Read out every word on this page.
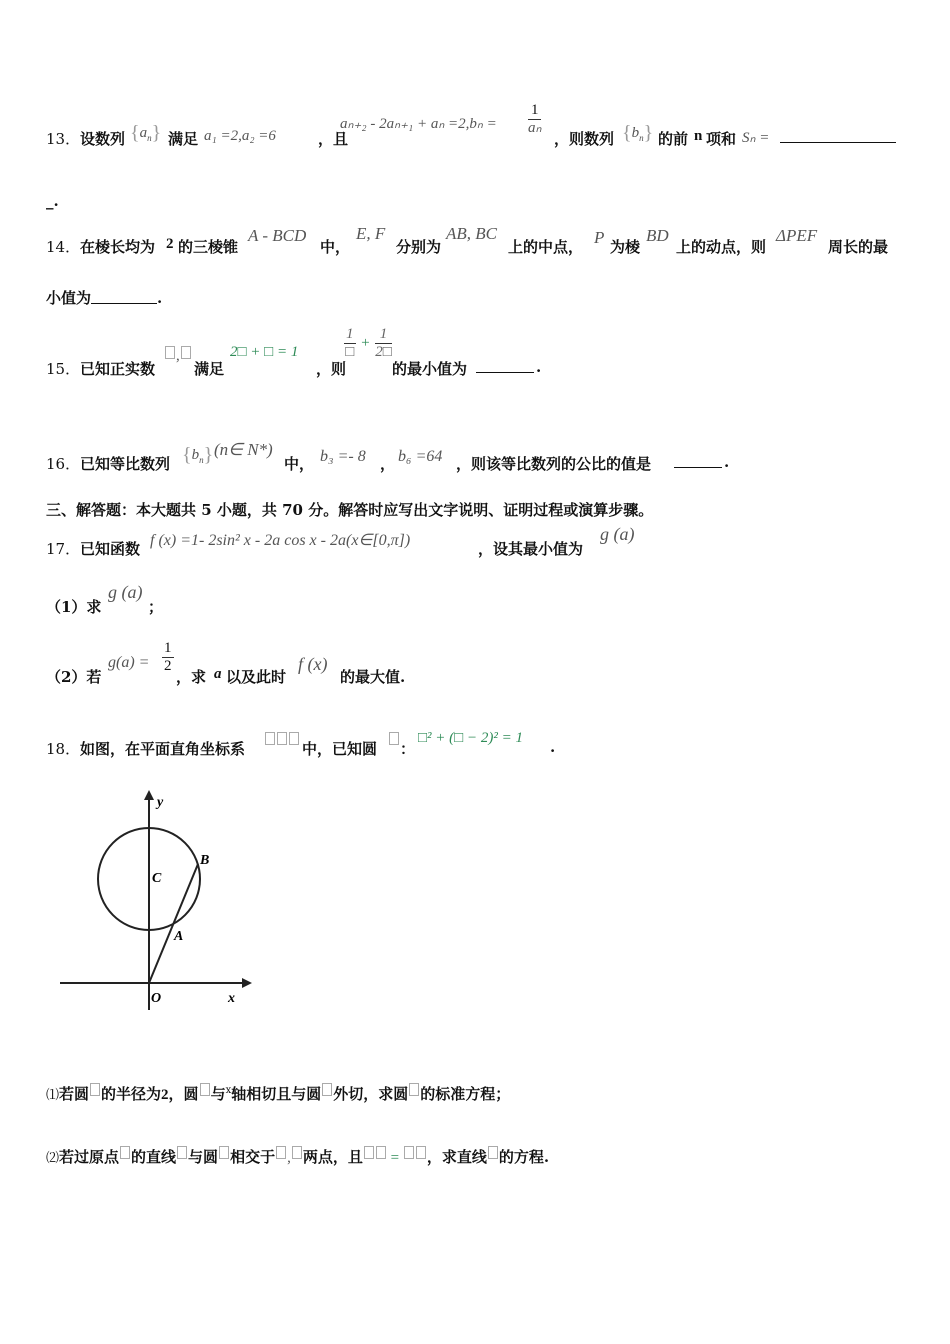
13． 设数列 $\{a_n\}$ 满足 a₁ =2,a₂ =6	，且
$a_{n+2} - 2a_{n+1} + a_n =2,b_n = \frac{1}{\text{aₙ}}$
，则数列 $\{b_n\}$ 的前 n 项和 Sₙ =
_.
14． 在棱长均为 2 的三棱锥
A - BCD
中，
E, F
分别为
AB, BC
上的中点， P 为棱
BD
上的动点，则
ΔPEF
周长的最
小值为	.
15． 已知正实数
,
满足
2□ + □ = 1
，则
$\frac{1}{□} + \frac{1}{2□}$
的最小值为	.
16． 已知等比数列 $\{b_n\}$ (n∈ N*)
中， b₃ =- 8 ， b₆ =64 ，则该等比数列的公比的值是	.
三、解答题：本大题共 5 小题，共 70 分。解答时应写出文字说明、证明过程或演算步骤。
17． 已知函数 f (x) =1- 2sin² x - 2a cos x - 2a(x∈[0,π])	，设其最小值为
g (a)
（1）求
g (a)
；
（2）若
$g(a) = \frac{1}{2}$
，求 a 以及此时
f (x)
的最大值.
18． 如图，在平面直角坐标系	中，已知圆 ：
□² + (□ − 2)² = 1 .
y
x
O
C
A
B
⑴若圆 的半径为2，圆 与$^x$轴相切且与圆 外切，求圆 的标准方程；
⑵若过原点 的直线 与圆 相交于 , 两点，且 = ，求直线 的方程.
